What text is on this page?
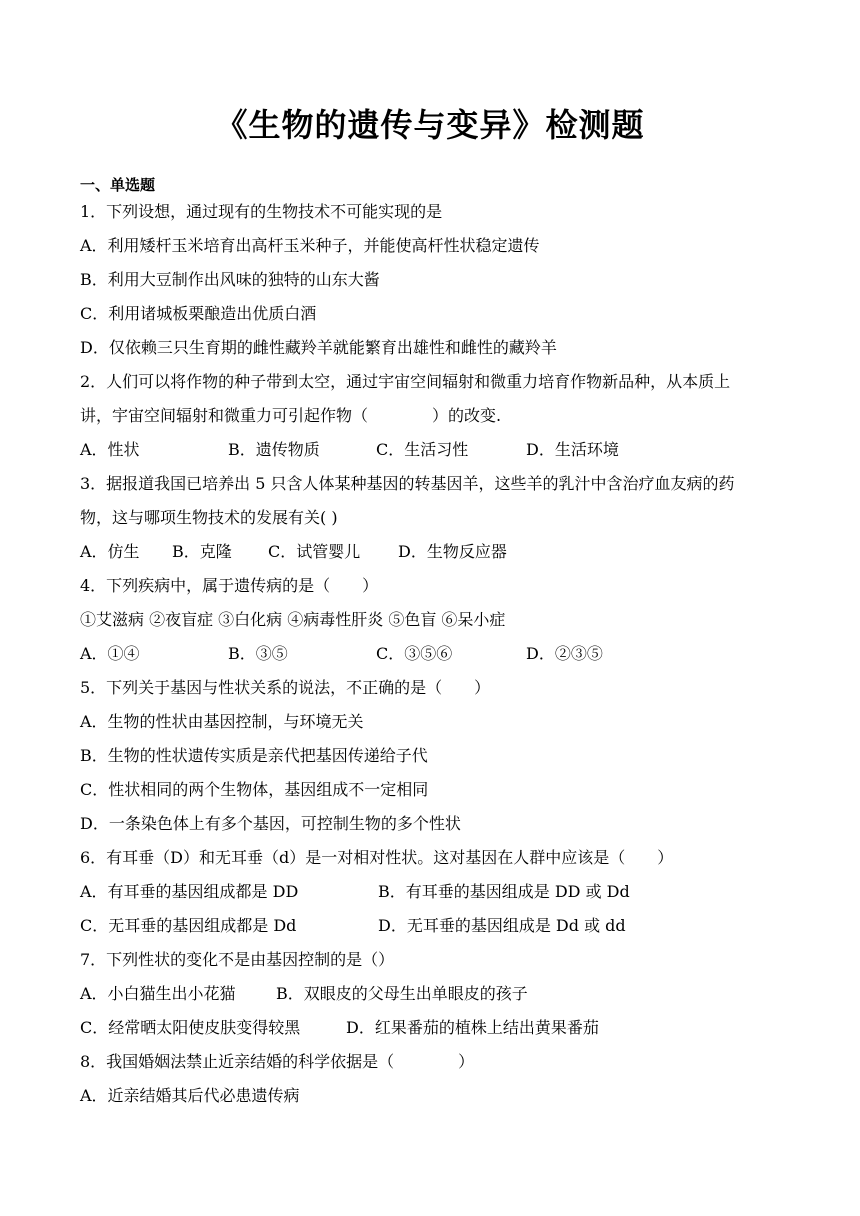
《生物的遗传与变异》检测题
一、单选题
1．下列设想，通过现有的生物技术不可能实现的是
A．利用矮杆玉米培育出高杆玉米种子，并能使高杆性状稳定遗传
B．利用大豆制作出风味的独特的山东大酱
C．利用诸城板栗酿造出优质白酒
D．仅依赖三只生育期的雌性藏羚羊就能繁育出雄性和雌性的藏羚羊
2．人们可以将作物的种子带到太空，通过宇宙空间辐射和微重力培育作物新品种，从本质上
讲，宇宙空间辐射和微重力可引起作物（　　　　）的改变.
A．性状	B．遗传物质	C．生活习性	D．生活环境
3．据报道我国已培养出 5 只含人体某种基因的转基因羊，这些羊的乳汁中含治疗血友病的药
物，这与哪项生物技术的发展有关( )
A．仿生 B．克隆 C．试管婴儿 D．生物反应器
4．下列疾病中，属于遗传病的是（　　）
①艾滋病 ②夜盲症 ③白化病 ④病毒性肝炎 ⑤色盲 ⑥呆小症
A．①④	B．③⑤	C．③⑤⑥	D．②③⑤
5．下列关于基因与性状关系的说法，不正确的是（　　）
A．生物的性状由基因控制，与环境无关
B．生物的性状遗传实质是亲代把基因传递给子代
C．性状相同的两个生物体，基因组成不一定相同
D．一条染色体上有多个基因，可控制生物的多个性状
6．有耳垂（D）和无耳垂（d）是一对相对性状。这对基因在人群中应该是（　　）
A．有耳垂的基因组成都是 DD	B．有耳垂的基因组成是 DD 或 Dd
C．无耳垂的基因组成都是 Dd	D．无耳垂的基因组成是 Dd 或 dd
7．下列性状的变化不是由基因控制的是（）
A．小白猫生出小花猫	B．双眼皮的父母生出单眼皮的孩子
C．经常晒太阳使皮肤变得较黑	D．红果番茄的植株上结出黄果番茄
8．我国婚姻法禁止近亲结婚的科学依据是（　　　　）
A．近亲结婚其后代必患遗传病
